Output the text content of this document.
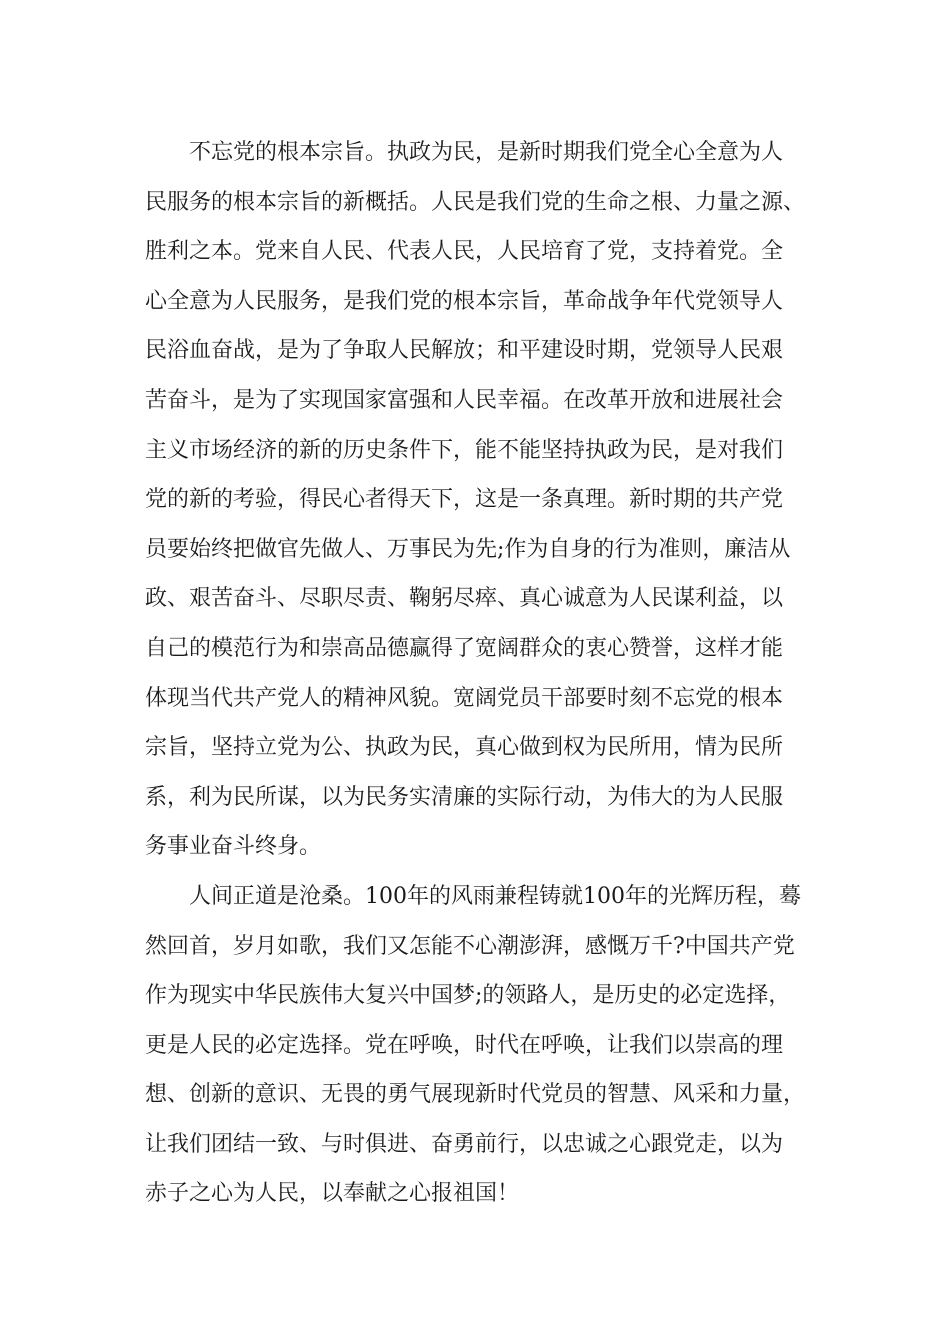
不忘党的根本宗旨。执政为民，是新时期我们党全心全意为人
民服务的根本宗旨的新概括。人民是我们党的生命之根、力量之源、
胜利之本。党来自人民、代表人民，人民培育了党，支持着党。全
心全意为人民服务，是我们党的根本宗旨，革命战争年代党领导人
民浴血奋战，是为了争取人民解放；和平建设时期，党领导人民艰
苦奋斗，是为了实现国家富强和人民幸福。在改革开放和进展社会
主义市场经济的新的历史条件下，能不能坚持执政为民，是对我们
党的新的考验，得民心者得天下，这是一条真理。新时期的共产党
员要始终把做官先做人、万事民为先;作为自身的行为准则，廉洁从
政、艰苦奋斗、尽职尽责、鞠躬尽瘁、真心诚意为人民谋利益，以
自己的模范行为和崇高品德赢得了宽阔群众的衷心赞誉，这样才能
体现当代共产党人的精神风貌。宽阔党员干部要时刻不忘党的根本
宗旨，坚持立党为公、执政为民，真心做到权为民所用，情为民所
系，利为民所谋，以为民务实清廉的实际行动，为伟大的为人民服
务事业奋斗终身。

人间正道是沧桑。100年的风雨兼程铸就100年的光辉历程，蓦
然回首，岁月如歌，我们又怎能不心潮澎湃，感慨万千?中国共产党
作为现实中华民族伟大复兴中国梦;的领路人，是历史的必定选择，
更是人民的必定选择。党在呼唤，时代在呼唤，让我们以崇高的理
想、创新的意识、无畏的勇气展现新时代党员的智慧、风采和力量，
让我们团结一致、与时俱进、奋勇前行，以忠诚之心跟党走，以为
赤子之心为人民，以奉献之心报祖国！
